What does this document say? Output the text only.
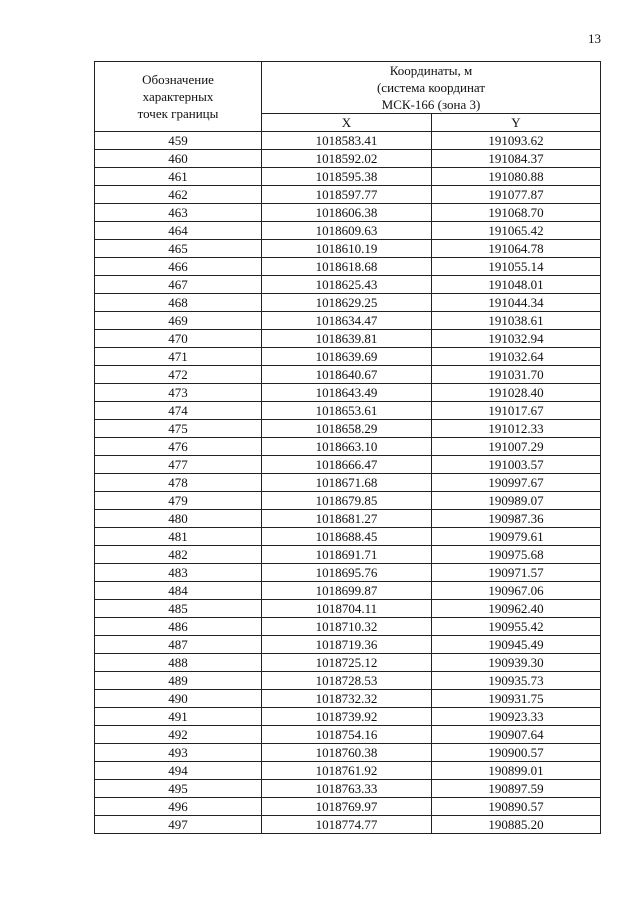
13
Обозначение
характерных
точек границы	Координаты, м
(система координат
МСК-166 (зона 3)	

	X	Y
459	1018583.41	191093.62
460	1018592.02	191084.37
461	1018595.38	191080.88
462	1018597.77	191077.87
463	1018606.38	191068.70
464	1018609.63	191065.42
465	1018610.19	191064.78
466	1018618.68	191055.14
467	1018625.43	191048.01
468	1018629.25	191044.34
469	1018634.47	191038.61
470	1018639.81	191032.94
471	1018639.69	191032.64
472	1018640.67	191031.70
473	1018643.49	191028.40
474	1018653.61	191017.67
475	1018658.29	191012.33
476	1018663.10	191007.29
477	1018666.47	191003.57
478	1018671.68	190997.67
479	1018679.85	190989.07
480	1018681.27	190987.36
481	1018688.45	190979.61
482	1018691.71	190975.68
483	1018695.76	190971.57
484	1018699.87	190967.06
485	1018704.11	190962.40
486	1018710.32	190955.42
487	1018719.36	190945.49
488	1018725.12	190939.30
489	1018728.53	190935.73
490	1018732.32	190931.75
491	1018739.92	190923.33
492	1018754.16	190907.64
493	1018760.38	190900.57
494	1018761.92	190899.01
495	1018763.33	190897.59
496	1018769.97	190890.57
497	1018774.77	190885.20
